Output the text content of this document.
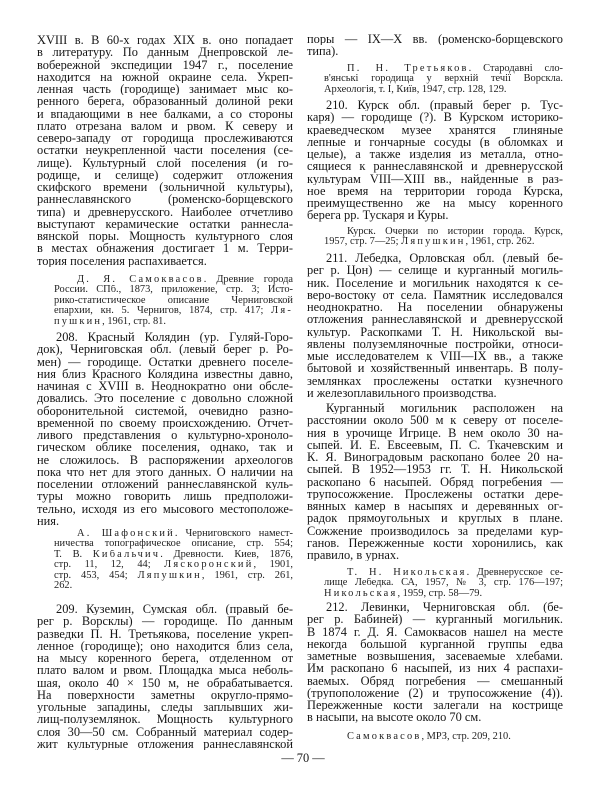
XVIII в. В 60-х годах XIX в. оно попадает
в литературу. По данным Днепровской ле-
вобережной экспедиции 1947 г., поселение
находится на южной окраине села. Укреп-
ленная часть (городище) занимает мыс ко-
ренного берега, образованный долиной реки
и впадающими в нее балками, а со стороны
плато отрезана валом и рвом. К северу и
северо-западу от городища прослеживаются
остатки неукрепленной части поселения (се-
лище). Культурный слой поселения (и го-
родище, и селище) содержит отложения
скифского времени (зольничной культуры),
раннеславянского (роменско-борщевского
типа) и древнерусского. Наиболее отчетливо
выступают керамические остатки раннесла-
вянской поры. Мощность культурного слоя
в местах обнажения достигает 1 м. Терри-
тория поселения распахивается.
Д. Я. Самоквасов. Древние города
России. СПб., 1873, приложение, стр. 3; Исто-
рико-статистическое описание Черниговской
епархии, кн. 5. Чернигов, 1874, стр. 417; Ля-
пушкин, 1961, стр. 81.
208. Красный Колядин (ур. Гуляй-Горо-
док), Черниговская обл. (левый берег р. Ро-
мен) — городище. Остатки древнего поселе-
ния близ Красного Колядина известны давно,
начиная с XVIII в. Неоднократно они обсле-
довались. Это поселение с довольно сложной
оборонительной системой, очевидно разно-
временной по своему происхождению. Отчет-
ливого представления о культурно-хроноло-
гическом облике поселения, однако, так и
не сложилось. В распоряжении археологов
пока что нет для этого данных. О наличии на
поселении отложений раннеславянской куль-
туры можно говорить лишь предположи-
тельно, исходя из его мысового местоположе-
ния.
А. Шафонский. Черниговского намест-
ничества топографическое описание, стр. 554;
Т. В. Кибальчич. Древности. Киев, 1876,
стр. 11, 12, 44; Ляскоронский, 1901,
стр. 453, 454; Ляпушкин, 1961, стр. 261,
262.
209. Куземин, Сумская обл. (правый бе-
рег р. Ворсклы) — городище. По данным
разведки П. Н. Третьякова, поселение укреп-
ленное (городище); оно находится близ села,
на мысу коренного берега, отделенном от
плато валом и рвом. Площадка мыса неболь-
шая, около 40 × 150 м, не обрабатывается.
На поверхности заметны округло-прямо-
угольные западины, следы заплывших жи-
лищ-полуземлянок. Мощность культурного
слоя 30—50 см. Собранный материал содер-
жит культурные отложения раннеславянской
поры — IX—X вв. (роменско-борщевского
типа).
П. Н. Третьяков. Стародавні сло-
в'янські городища у верхній течії Ворскла.
Археологія, т. I, Київ, 1947, стр. 128, 129.
210. Курск обл. (правый берег р. Тус-
каря) — городище (?). В Курском историко-
краеведческом музее хранятся глиняные
лепные и гончарные сосуды (в обломках и
целые), а также изделия из металла, отно-
сящиеся к раннеславянской и древнерусской
культурам VIII—XIII вв., найденные в раз-
ное время на территории города Курска,
преимущественно же на мысу коренного
берега рр. Тускаря и Куры.
Курск. Очерки по истории города. Курск,
1957, стр. 7—25; Ляпушкин, 1961, стр. 262.
211. Лебедка, Орловская обл. (левый бе-
рег р. Цон) — селище и курганный могиль-
ник. Поселение и могильник находятся к се-
веро-востоку от села. Памятник исследовался
неоднократно. На поселении обнаружены
отложения раннеславянской и древнерусской
культур. Раскопками Т. Н. Никольской вы-
явлены полуземляночные постройки, относи-
мые исследователем к VIII—IX вв., а также
бытовой и хозяйственный инвентарь. В полу-
землянках прослежены остатки кузнечного
и железоплавильного производства.
Курганный могильник расположен на
расстоянии около 500 м к северу от поселе-
ния в урочище Игрице. В нем около 30 на-
сыпей. И. Е. Евсеевым, П. С. Ткачевским и
К. Я. Виноградовым раскопано более 20 на-
сыпей. В 1952—1953 гг. Т. Н. Никольской
раскопано 6 насыпей. Обряд погребения —
трупосожжение. Прослежены остатки дере-
вянных камер в насыпях и деревянных ог-
радок прямоугольных и круглых в плане.
Сожжение производилось за пределами кур-
ганов. Пережженные кости хоронились, как
правило, в урнах.
Т. Н. Никольская. Древнерусское се-
лище Лебедка. СА, 1957, № 3, стр. 176—197;
Никольская, 1959, стр. 58—79.
212. Левинки, Черниговская обл. (бе-
рег р. Бабиней) — курганный могильник.
В 1874 г. Д. Я. Самоквасов нашел на месте
некогда большой курганной группы едва
заметные возвышения, засеваемые хлебами.
Им раскопано 6 насыпей, из них 4 распахи-
ваемых. Обряд погребения — смешанный
(трупоположение (2) и трупосожжение (4)).
Пережженные кости залегали на кострище
в насыпи, на высоте около 70 см.
Самоквасов, МРЗ, стр. 209, 210.
— 70 —
